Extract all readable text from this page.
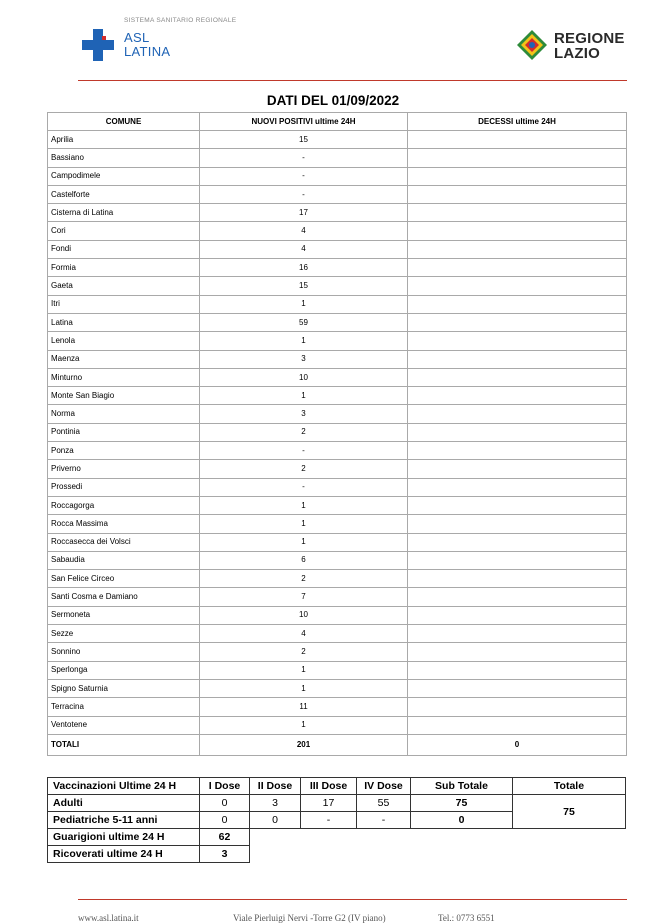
SISTEMA SANITARIO REGIONALE
ASL
LATINA
REGIONE
LAZIO
DATI DEL 01/09/2022
COMUNE	NUOVI POSITIVI ultime 24H	DECESSI ultime 24H
Aprilia	15	
Bassiano	-	
Campodimele	-	
Castelforte	-	
Cisterna di Latina	17	
Cori	4	
Fondi	4	
Formia	16	
Gaeta	15	
Itri	1	
Latina	59	
Lenola	1	
Maenza	3	
Minturno	10	
Monte San Biagio	1	
Norma	3	
Pontinia	2	
Ponza	-	
Priverno	2	
Prossedi	-	
Roccagorga	1	
Rocca Massima	1	
Roccasecca dei Volsci	1	
Sabaudia	6	
San Felice Circeo	2	
Santi Cosma e Damiano	7	
Sermoneta	10	
Sezze	4	
Sonnino	2	
Sperlonga	1	
Spigno Saturnia	1	
Terracina	11	
Ventotene	1	
TOTALI	201	0
Vaccinazioni Ultime 24 H	I Dose	II Dose	III Dose	IV Dose	Sub Totale	Totale
Adulti	0	3	17	55	75	75
Pediatriche 5-11 anni	0	0	-	-	0	
Guarigioni ultime 24 H	62					
Ricoverati ultime 24 H	3					
www.asl.latina.it	Viale Pierluigi Nervi -Torre G2 (IV piano)	Tel.: 0773 6551
